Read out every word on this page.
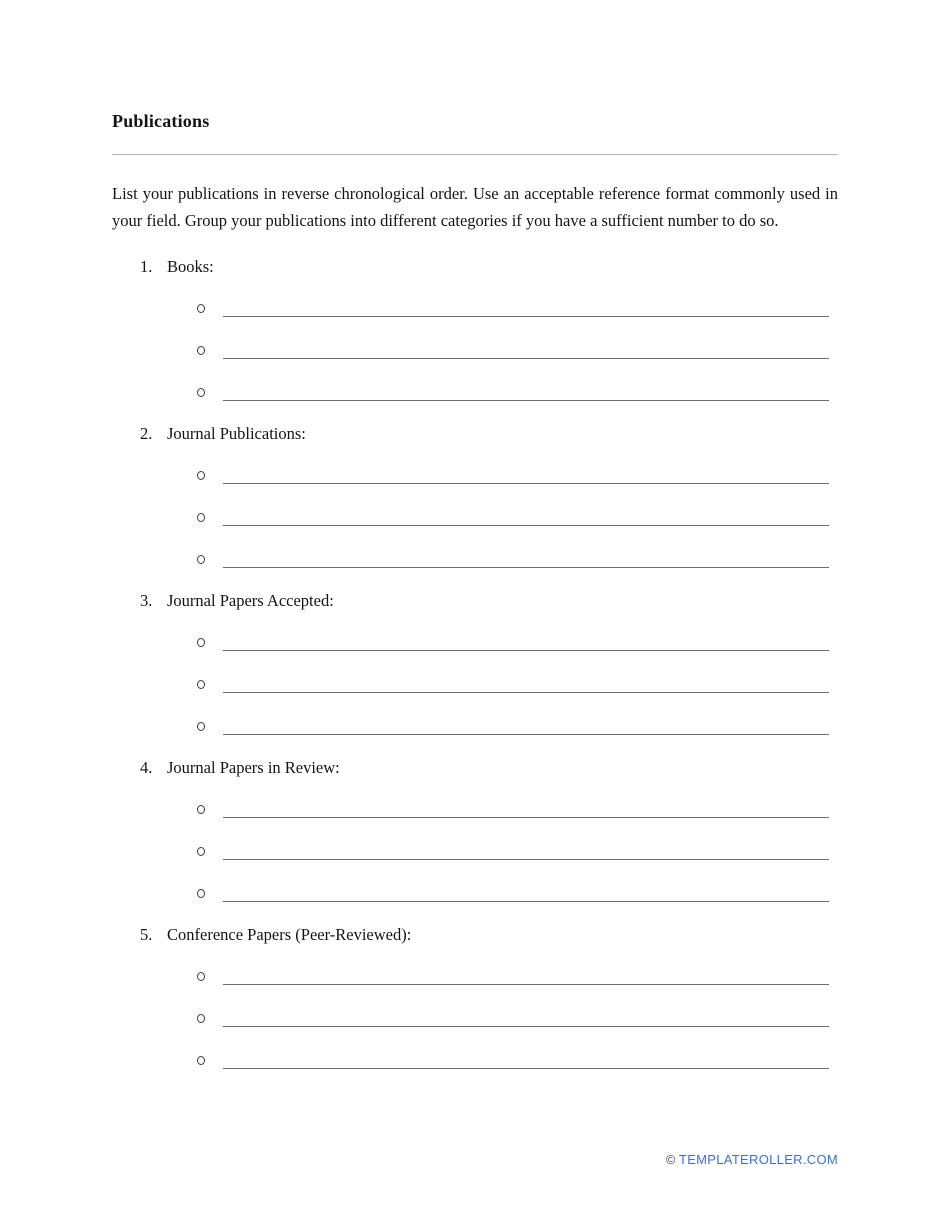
Publications

List your publications in reverse chronological order. Use an acceptable reference format commonly used in your field. Group your publications into different categories if you have a sufficient number to do so.

1. Books:
2. Journal Publications:
3. Journal Papers Accepted:
4. Journal Papers in Review:
5. Conference Papers (Peer-Reviewed):
© TEMPLATEROLLER.COM
